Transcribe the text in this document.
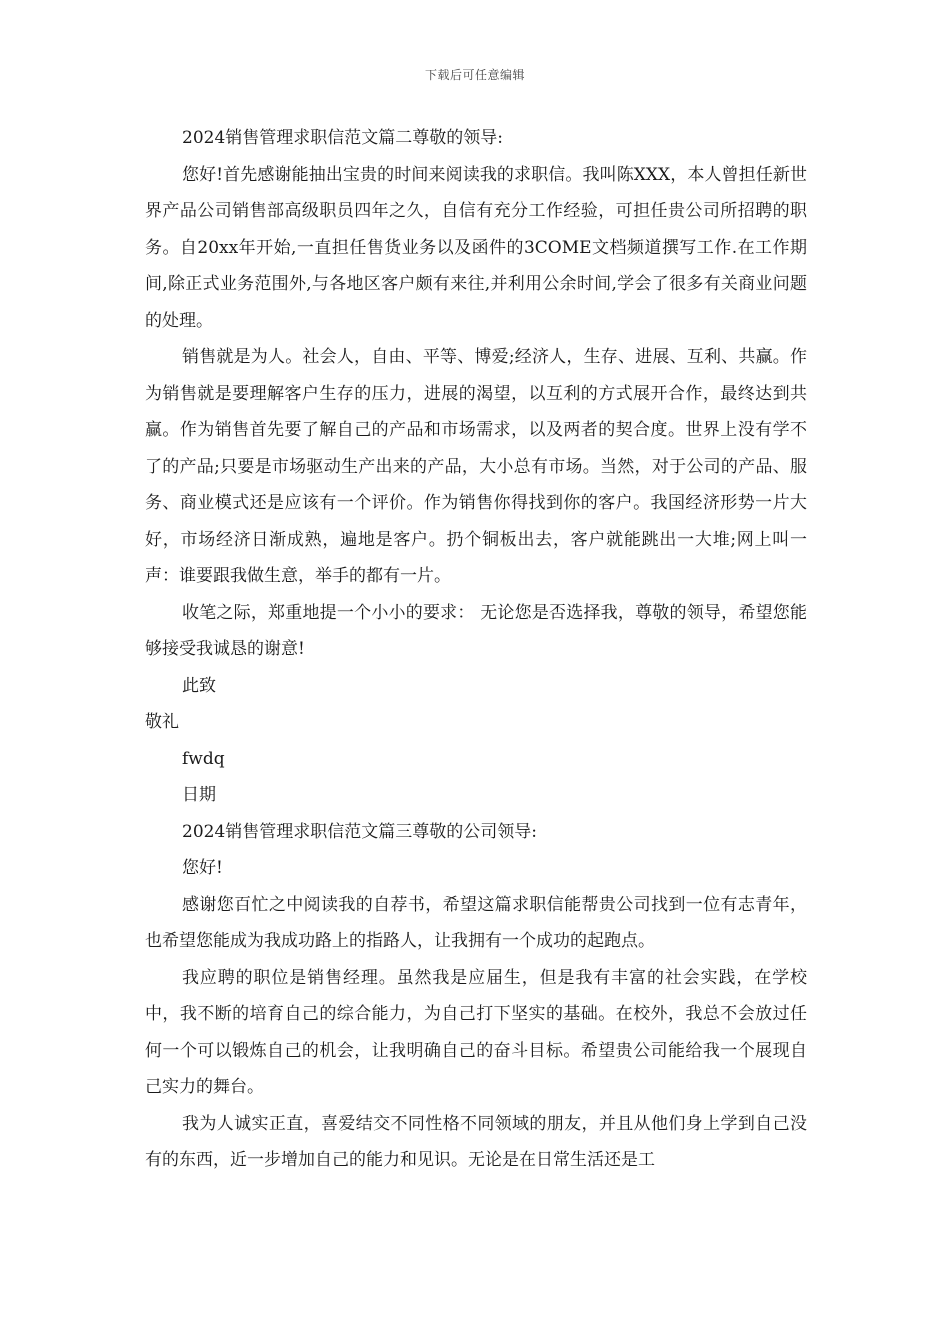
下载后可任意编辑

2024销售管理求职信范文篇二尊敬的领导:

您好!首先感谢能抽出宝贵的时间来阅读我的求职信。我叫陈XXX，本人曾担任新世界产品公司销售部高级职员四年之久，自信有充分工作经验，可担任贵公司所招聘的职务。自20xx年开始,一直担任售货业务以及函件的3COME文档频道撰写工作.在工作期间,除正式业务范围外,与各地区客户颇有来往,并利用公余时间,学会了很多有关商业问题的处理。

销售就是为人。社会人，自由、平等、博爱;经济人，生存、进展、互利、共赢。作为销售就是要理解客户生存的压力，进展的渴望，以互利的方式展开合作，最终达到共赢。作为销售首先要了解自己的产品和市场需求，以及两者的契合度。世界上没有学不了的产品;只要是市场驱动生产出来的产品，大小总有市场。当然，对于公司的产品、服务、商业模式还是应该有一个评价。作为销售你得找到你的客户。我国经济形势一片大好，市场经济日渐成熟，遍地是客户。扔个铜板出去，客户就能跳出一大堆;网上叫一声：谁要跟我做生意，举手的都有一片。

收笔之际，郑重地提一个小小的要求： 无论您是否选择我，尊敬的领导，希望您能够接受我诚恳的谢意!

此致

敬礼

fwdq

日期

2024销售管理求职信范文篇三尊敬的公司领导:

您好!

感谢您百忙之中阅读我的自荐书，希望这篇求职信能帮贵公司找到一位有志青年，也希望您能成为我成功路上的指路人，让我拥有一个成功的起跑点。

我应聘的职位是销售经理。虽然我是应届生，但是我有丰富的社会实践，在学校中，我不断的培育自己的综合能力，为自己打下坚实的基础。在校外，我总不会放过任何一个可以锻炼自己的机会，让我明确自己的奋斗目标。希望贵公司能给我一个展现自己实力的舞台。

我为人诚实正直，喜爱结交不同性格不同领域的朋友，并且从他们身上学到自己没有的东西，近一步增加自己的能力和见识。无论是在日常生活还是工
